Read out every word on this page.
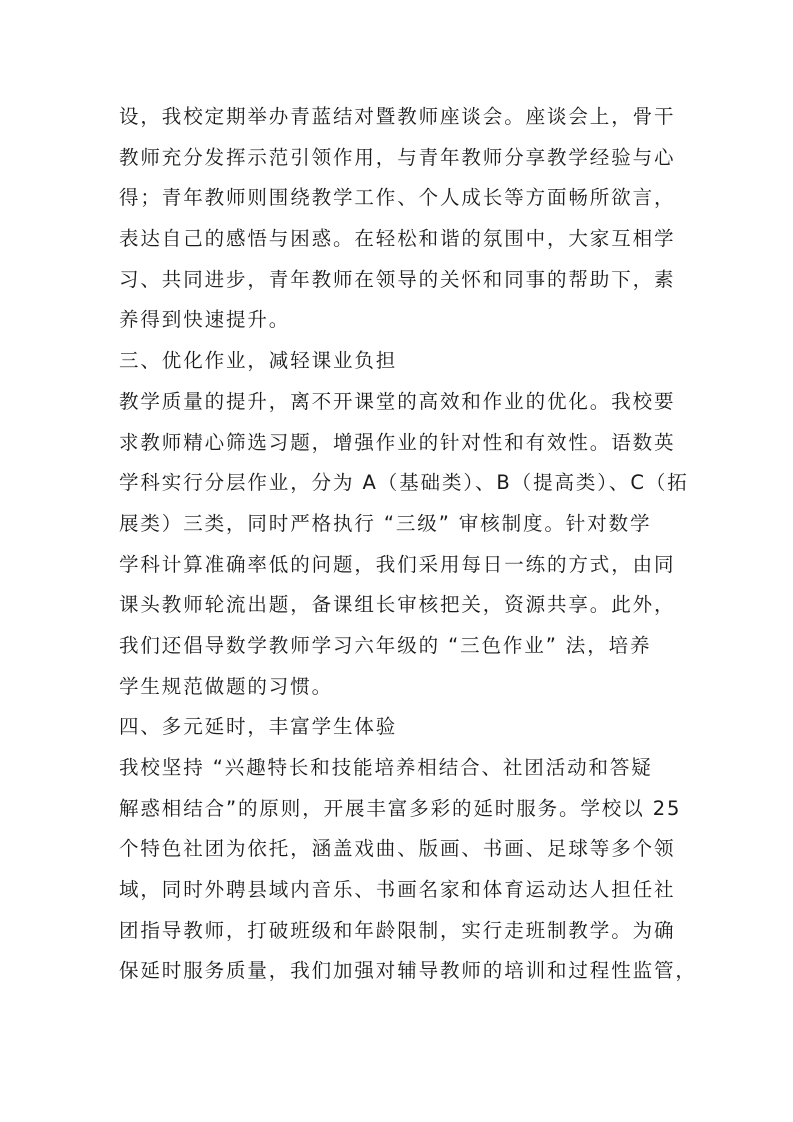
设，我校定期举办青蓝结对暨教师座谈会。座谈会上，骨干
教师充分发挥示范引领作用，与青年教师分享教学经验与心
得；青年教师则围绕教学工作、个人成长等方面畅所欲言，
表达自己的感悟与困惑。在轻松和谐的氛围中，大家互相学
习、共同进步，青年教师在领导的关怀和同事的帮助下，素
养得到快速提升。
三、优化作业，减轻课业负担
教学质量的提升，离不开课堂的高效和作业的优化。我校要
求教师精心筛选习题，增强作业的针对性和有效性。语数英
学科实行分层作业，分为 A（基础类）、B（提高类）、C（拓
展类）三类，同时严格执行 “三级” 审核制度。针对数学
学科计算准确率低的问题，我们采用每日一练的方式，由同
课头教师轮流出题，备课组长审核把关，资源共享。此外，
我们还倡导数学教师学习六年级的 “三色作业” 法，培养
学生规范做题的习惯。
四、多元延时，丰富学生体验
我校坚持 “兴趣特长和技能培养相结合、社团活动和答疑
解惑相结合”的原则，开展丰富多彩的延时服务。学校以 25
个特色社团为依托，涵盖戏曲、版画、书画、足球等多个领
域，同时外聘县域内音乐、书画名家和体育运动达人担任社
团指导教师，打破班级和年龄限制，实行走班制教学。为确
保延时服务质量，我们加强对辅导教师的培训和过程性监管，
